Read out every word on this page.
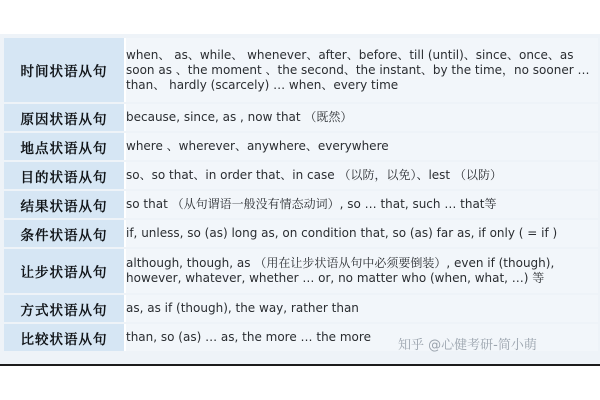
时间状语从句	when、 as、while、 whenever、after、before、till (until)、since、once、as soon as 、the moment 、the second、the instant、by the time，no sooner … than、 hardly (scarcely) … when、every time
原因状语从句	because, since, as , now that （既然）
地点状语从句	where 、wherever、anywhere、everywhere
目的状语从句	so、so that、in order that、in case （以防，以免）、lest （以防）
结果状语从句	so that （从句谓语一般没有情态动词）, so … that, such … that等
条件状语从句	if, unless, so (as) long as, on condition that, so (as) far as, if only ( = if )
让步状语从句	although, though, as （用在让步状语从句中必须要倒装）, even if (though), however, whatever, whether … or, no matter who (when, what, …) 等
方式状语从句	as, as if (though), the way, rather than
比较状语从句	than, so (as) … as, the more … the more
知乎 @心健考研-简小萌
